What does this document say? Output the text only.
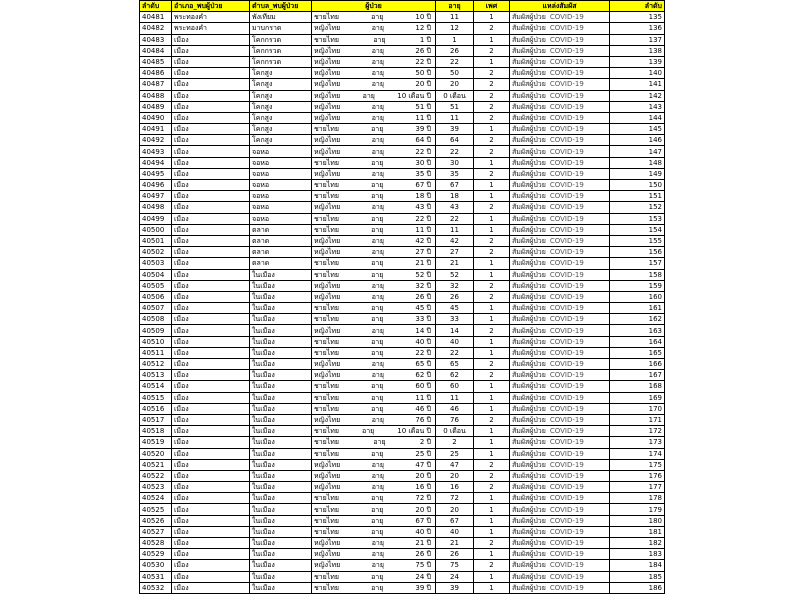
ลำดับ	อำเภอ_พบผู้ป่วย	ตำบล_พบผู้ป่วย	ผู้ป่วย	อายุ	เพศ	แหล่งสัมผัส	ลำดับ
40481	พระทองคำ	พังเทียม	ชายไทย อายุ 10 ปี	11	1	สัมผัสผู้ป่วย COVID-19	135
40482	พระทองคำ	มาบกราด	หญิงไทย อายุ 12 ปี	12	2	สัมผัสผู้ป่วย COVID-19	136
40483	เมือง	โคกกรวด	ชายไทย อายุ 1 ปี	1	1	สัมผัสผู้ป่วย COVID-19	137
40484	เมือง	โคกกรวด	หญิงไทย อายุ 26 ปี	26	2	สัมผัสผู้ป่วย COVID-19	138
40485	เมือง	โคกกรวด	หญิงไทย อายุ 22 ปี	22	1	สัมผัสผู้ป่วย COVID-19	139
40486	เมือง	โคกสูง	หญิงไทย อายุ 50 ปี	50	2	สัมผัสผู้ป่วย COVID-19	140
40487	เมือง	โคกสูง	หญิงไทย อายุ 20 ปี	20	2	สัมผัสผู้ป่วย COVID-19	141
40488	เมือง	โคกสูง	หญิงไทย อายุ 10 เดือน ปี	0 เดือน	2	สัมผัสผู้ป่วย COVID-19	142
40489	เมือง	โคกสูง	หญิงไทย อายุ 51 ปี	51	2	สัมผัสผู้ป่วย COVID-19	143
40490	เมือง	โคกสูง	หญิงไทย อายุ 11 ปี	11	2	สัมผัสผู้ป่วย COVID-19	144
40491	เมือง	โคกสูง	ชายไทย อายุ 39 ปี	39	1	สัมผัสผู้ป่วย COVID-19	145
40492	เมือง	โคกสูง	หญิงไทย อายุ 64 ปี	64	2	สัมผัสผู้ป่วย COVID-19	146
40493	เมือง	จอหอ	หญิงไทย อายุ 22 ปี	22	2	สัมผัสผู้ป่วย COVID-19	147
40494	เมือง	จอหอ	ชายไทย อายุ 30 ปี	30	1	สัมผัสผู้ป่วย COVID-19	148
40495	เมือง	จอหอ	หญิงไทย อายุ 35 ปี	35	2	สัมผัสผู้ป่วย COVID-19	149
40496	เมือง	จอหอ	ชายไทย อายุ 67 ปี	67	1	สัมผัสผู้ป่วย COVID-19	150
40497	เมือง	จอหอ	ชายไทย อายุ 18 ปี	18	1	สัมผัสผู้ป่วย COVID-19	151
40498	เมือง	จอหอ	หญิงไทย อายุ 43 ปี	43	2	สัมผัสผู้ป่วย COVID-19	152
40499	เมือง	จอหอ	ชายไทย อายุ 22 ปี	22	1	สัมผัสผู้ป่วย COVID-19	153
40500	เมือง	ตลาด	ชายไทย อายุ 11 ปี	11	1	สัมผัสผู้ป่วย COVID-19	154
40501	เมือง	ตลาด	หญิงไทย อายุ 42 ปี	42	2	สัมผัสผู้ป่วย COVID-19	155
40502	เมือง	ตลาด	หญิงไทย อายุ 27 ปี	27	2	สัมผัสผู้ป่วย COVID-19	156
40503	เมือง	ตลาด	ชายไทย อายุ 21 ปี	21	1	สัมผัสผู้ป่วย COVID-19	157
40504	เมือง	ในเมือง	ชายไทย อายุ 52 ปี	52	1	สัมผัสผู้ป่วย COVID-19	158
40505	เมือง	ในเมือง	หญิงไทย อายุ 32 ปี	32	2	สัมผัสผู้ป่วย COVID-19	159
40506	เมือง	ในเมือง	หญิงไทย อายุ 26 ปี	26	2	สัมผัสผู้ป่วย COVID-19	160
40507	เมือง	ในเมือง	ชายไทย อายุ 45 ปี	45	1	สัมผัสผู้ป่วย COVID-19	161
40508	เมือง	ในเมือง	ชายไทย อายุ 33 ปี	33	1	สัมผัสผู้ป่วย COVID-19	162
40509	เมือง	ในเมือง	หญิงไทย อายุ 14 ปี	14	2	สัมผัสผู้ป่วย COVID-19	163
40510	เมือง	ในเมือง	ชายไทย อายุ 40 ปี	40	1	สัมผัสผู้ป่วย COVID-19	164
40511	เมือง	ในเมือง	ชายไทย อายุ 22 ปี	22	1	สัมผัสผู้ป่วย COVID-19	165
40512	เมือง	ในเมือง	หญิงไทย อายุ 65 ปี	65	2	สัมผัสผู้ป่วย COVID-19	166
40513	เมือง	ในเมือง	หญิงไทย อายุ 62 ปี	62	2	สัมผัสผู้ป่วย COVID-19	167
40514	เมือง	ในเมือง	ชายไทย อายุ 60 ปี	60	1	สัมผัสผู้ป่วย COVID-19	168
40515	เมือง	ในเมือง	ชายไทย อายุ 11 ปี	11	1	สัมผัสผู้ป่วย COVID-19	169
40516	เมือง	ในเมือง	ชายไทย อายุ 46 ปี	46	1	สัมผัสผู้ป่วย COVID-19	170
40517	เมือง	ในเมือง	หญิงไทย อายุ 76 ปี	76	2	สัมผัสผู้ป่วย COVID-19	171
40518	เมือง	ในเมือง	ชายไทย อายุ 10 เดือน ปี	0 เดือน	1	สัมผัสผู้ป่วย COVID-19	172
40519	เมือง	ในเมือง	ชายไทย อายุ 2 ปี	2	1	สัมผัสผู้ป่วย COVID-19	173
40520	เมือง	ในเมือง	ชายไทย อายุ 25 ปี	25	1	สัมผัสผู้ป่วย COVID-19	174
40521	เมือง	ในเมือง	หญิงไทย อายุ 47 ปี	47	2	สัมผัสผู้ป่วย COVID-19	175
40522	เมือง	ในเมือง	หญิงไทย อายุ 20 ปี	20	2	สัมผัสผู้ป่วย COVID-19	176
40523	เมือง	ในเมือง	หญิงไทย อายุ 16 ปี	16	2	สัมผัสผู้ป่วย COVID-19	177
40524	เมือง	ในเมือง	ชายไทย อายุ 72 ปี	72	1	สัมผัสผู้ป่วย COVID-19	178
40525	เมือง	ในเมือง	ชายไทย อายุ 20 ปี	20	1	สัมผัสผู้ป่วย COVID-19	179
40526	เมือง	ในเมือง	ชายไทย อายุ 67 ปี	67	1	สัมผัสผู้ป่วย COVID-19	180
40527	เมือง	ในเมือง	ชายไทย อายุ 40 ปี	40	1	สัมผัสผู้ป่วย COVID-19	181
40528	เมือง	ในเมือง	หญิงไทย อายุ 21 ปี	21	2	สัมผัสผู้ป่วย COVID-19	182
40529	เมือง	ในเมือง	หญิงไทย อายุ 26 ปี	26	1	สัมผัสผู้ป่วย COVID-19	183
40530	เมือง	ในเมือง	หญิงไทย อายุ 75 ปี	75	2	สัมผัสผู้ป่วย COVID-19	184
40531	เมือง	ในเมือง	ชายไทย อายุ 24 ปี	24	1	สัมผัสผู้ป่วย COVID-19	185
40532	เมือง	ในเมือง	ชายไทย อายุ 39 ปี	39	1	สัมผัสผู้ป่วย COVID-19	186
